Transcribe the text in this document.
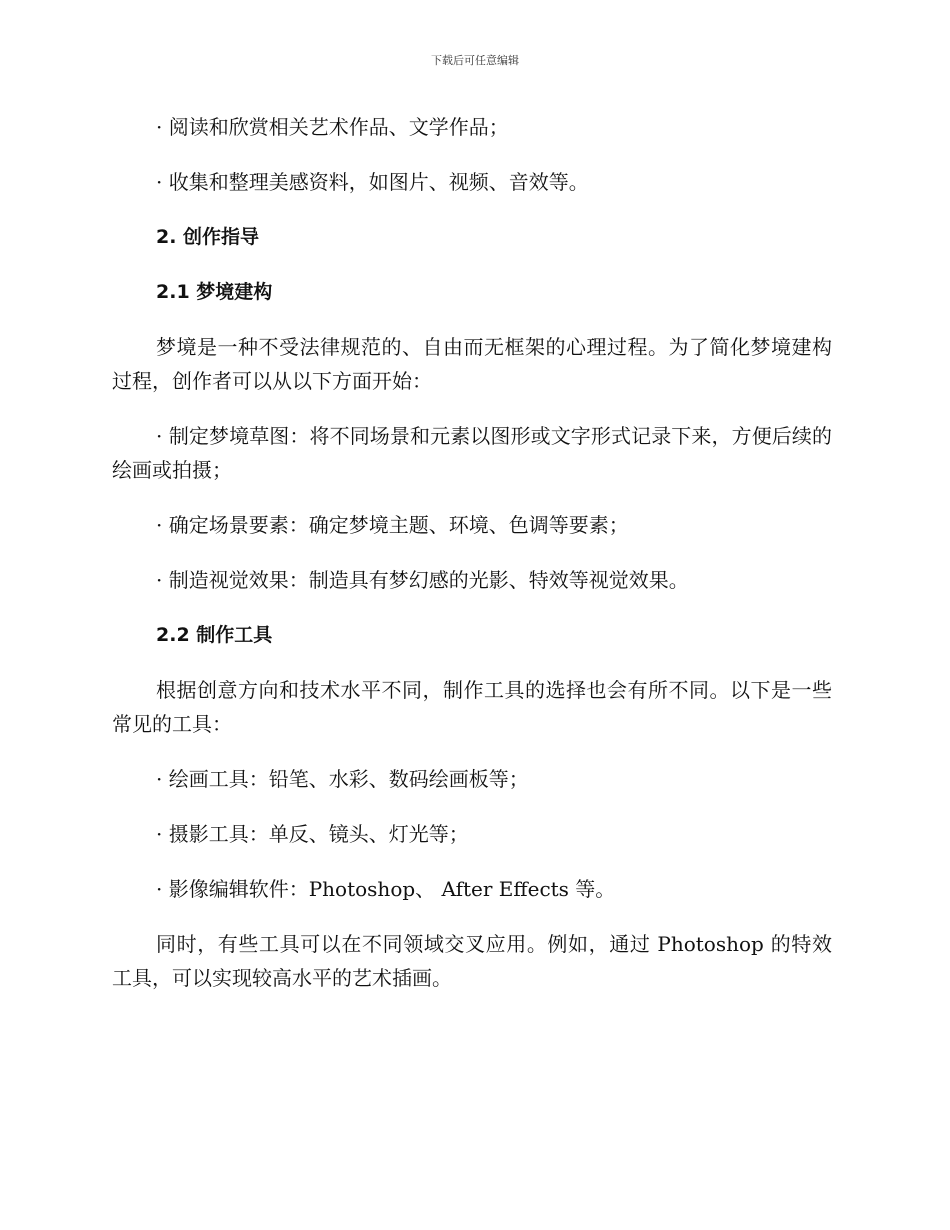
下载后可任意编辑

· 阅读和欣赏相关艺术作品、文学作品；

· 收集和整理美感资料，如图片、视频、音效等。

2. 创作指导
2.1 梦境建构

梦境是一种不受法律规范的、自由而无框架的心理过程。为了简化梦境建构过程，创作者可以从以下方面开始：

· 制定梦境草图：将不同场景和元素以图形或文字形式记录下来，方便后续的绘画或拍摄；

· 确定场景要素：确定梦境主题、环境、色调等要素；

· 制造视觉效果：制造具有梦幻感的光影、特效等视觉效果。

2.2 制作工具

根据创意方向和技术水平不同，制作工具的选择也会有所不同。以下是一些常见的工具：

· 绘画工具：铅笔、水彩、数码绘画板等；

· 摄影工具：单反、镜头、灯光等；

· 影像编辑软件：Photoshop、 After Effects 等。

同时，有些工具可以在不同领域交叉应用。例如，通过 Photoshop 的特效工具，可以实现较高水平的艺术插画。
